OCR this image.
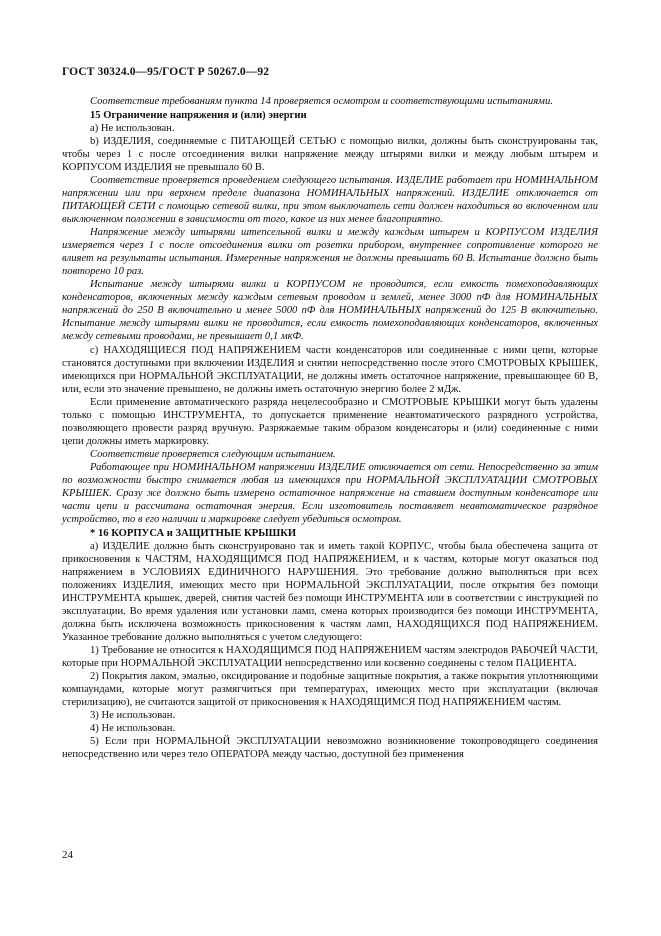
ГОСТ 30324.0—95/ГОСТ Р 50267.0—92

Соответствие требованиям пункта 14 проверяется осмотром и соответствующими испытаниями.

15 Ограничение напряжения и (или) энергии

а) Не использован.

b) ИЗДЕЛИЯ, соединяемые с ПИТАЮЩЕЙ СЕТЬЮ с помощью вилки, должны быть сконструированы так, чтобы через 1 с после отсоединения вилки напряжение между штырями вилки и между любым штырем и КОРПУСОМ ИЗДЕЛИЯ не превышало 60 В.

Соответствие проверяется проведением следующего испытания. ИЗДЕЛИЕ работает при НОМИНАЛЬНОМ напряжении или при верхнем пределе диапазона НОМИНАЛЬНЫХ напряжений. ИЗДЕЛИЕ отключается от ПИТАЮЩЕЙ СЕТИ с помощью сетевой вилки, при этом выключатель сети должен находиться во включенном или выключенном положении в зависимости от того, какое из них менее благоприятно.

Напряжение между штырями штепсельной вилки и между каждым штырем и КОРПУСОМ ИЗДЕЛИЯ измеряется через 1 с после отсоединения вилки от розетки прибором, внутреннее сопротивление которого не влияет на результаты испытания. Измеренные напряжения не должны превышать 60 В. Испытание должно быть повторено 10 раз.

Испытание между штырями вилки и КОРПУСОМ не проводится, если емкость помехоподавляющих конденсаторов, включенных между каждым сетевым проводом и землей, менее 3000 пФ для НОМИНАЛЬНЫХ напряжений до 250 В включительно и менее 5000 пФ для НОМИНАЛЬНЫХ напряжений до 125 В включительно. Испытание между штырями вилки не проводится, если емкость помехоподавляющих конденсаторов, включенных между сетевыми проводами, не превышает 0,1 мкФ.

с) НАХОДЯЩИЕСЯ ПОД НАПРЯЖЕНИЕМ части конденсаторов или соединенные с ними цепи, которые становятся доступными при включении ИЗДЕЛИЯ и снятии непосредственно после этого СМОТРОВЫХ КРЫШЕК, имеющихся при НОРМАЛЬНОЙ ЭКСПЛУАТАЦИИ, не должны иметь остаточное напряжение, превышающее 60 В, или, если это значение превышено, не должны иметь остаточную энергию более 2 мДж.

Если применение автоматического разряда нецелесообразно и СМОТРОВЫЕ КРЫШКИ могут быть удалены только с помощью ИНСТРУМЕНТА, то допускается применение неавтоматического разрядного устройства, позволяющего провести разряд вручную. Разряжаемые таким образом конденсаторы и (или) соединенные с ними цепи должны иметь маркировку.

Соответствие проверяется следующим испытанием.

Работающее при НОМИНАЛЬНОМ напряжении ИЗДЕЛИЕ отключается от сети. Непосредственно за этим по возможности быстро снимается любая из имеющихся при НОРМАЛЬНОЙ ЭКСПЛУАТАЦИИ СМОТРОВЫХ КРЫШЕК. Сразу же должно быть измерено остаточное напряжение на ставшем доступным конденсаторе или части цепи и рассчитана остаточная энергия. Если изготовитель поставляет неавтоматическое разрядное устройство, то в его наличии и маркировке следует убедиться осмотром.

* 16 КОРПУСА и ЗАЩИТНЫЕ КРЫШКИ

а) ИЗДЕЛИЕ должно быть сконструировано так и иметь такой КОРПУС, чтобы была обеспечена защита от прикосновения к ЧАСТЯМ, НАХОДЯЩИМСЯ ПОД НАПРЯЖЕНИЕМ, и к частям, которые могут оказаться под напряжением в УСЛОВИЯХ ЕДИНИЧНОГО НАРУШЕНИЯ. Это требование должно выполняться при всех положениях ИЗДЕЛИЯ, имеющих место при НОРМАЛЬНОЙ ЭКСПЛУАТАЦИИ, после открытия без помощи ИНСТРУМЕНТА крышек, дверей, снятия частей без помощи ИНСТРУМЕНТА или в соответствии с инструкцией по эксплуатации. Во время удаления или установки ламп, смена которых производится без помощи ИНСТРУМЕНТА, должна быть исключена возможность прикосновения к частям ламп, НАХОДЯЩИХСЯ ПОД НАПРЯЖЕНИЕМ. Указанное требование должно выполняться с учетом следующего:

1) Требование не относится к НАХОДЯЩИМСЯ ПОД НАПРЯЖЕНИЕМ частям электродов РАБОЧЕЙ ЧАСТИ, которые при НОРМАЛЬНОЙ ЭКСПЛУАТАЦИИ непосредственно или косвенно соединены с телом ПАЦИЕНТА.

2) Покрытия лаком, эмалью, оксидирование и подобные защитные покрытия, а также покрытия уплотняющими компаундами, которые могут размягчиться при температурах, имеющих место при эксплуатации (включая стерилизацию), не считаются защитой от прикосновения к НАХОДЯЩИМСЯ ПОД НАПРЯЖЕНИЕМ частям.

3) Не использован.

4) Не использован.

5) Если при НОРМАЛЬНОЙ ЭКСПЛУАТАЦИИ невозможно возникновение токопроводящего соединения непосредственно или через тело ОПЕРАТОРА между частью, доступной без применения

24
